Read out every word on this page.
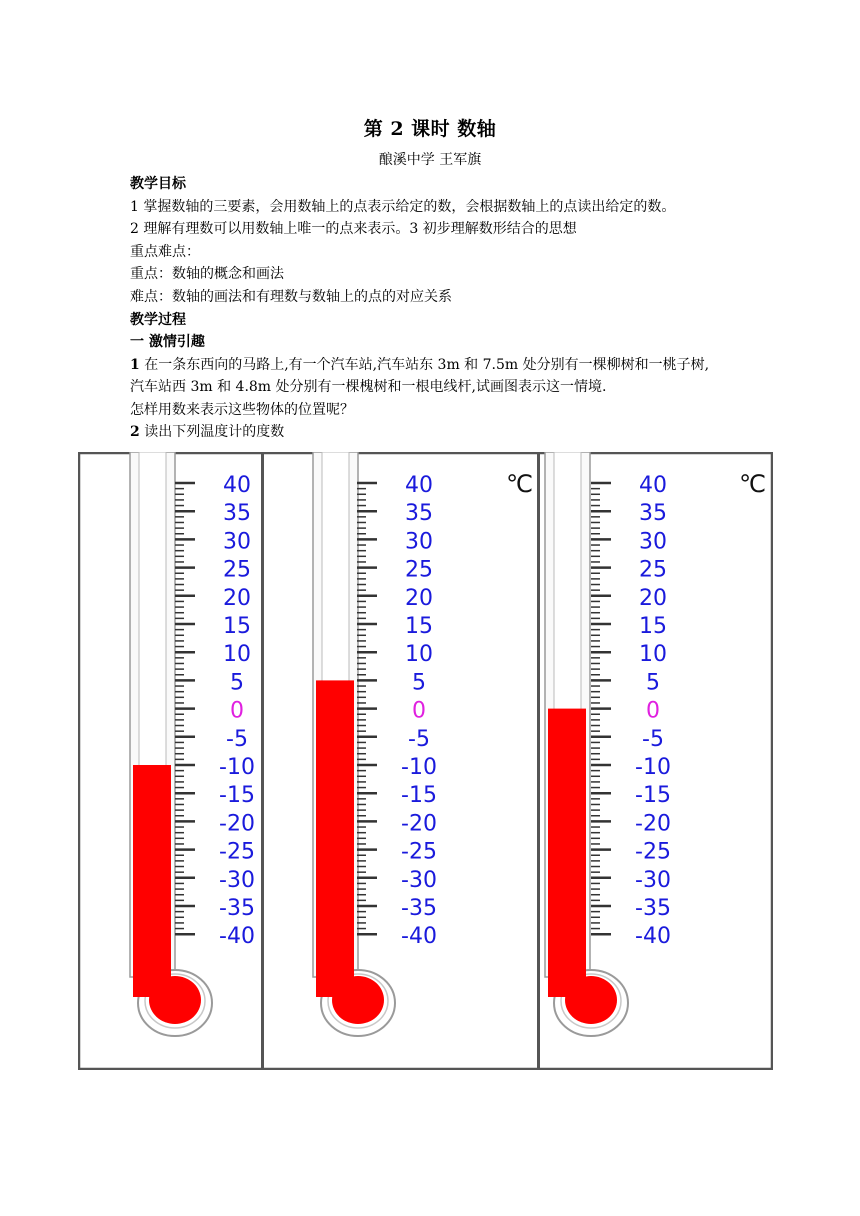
第 2 课时 数轴
酿溪中学 王军旗
教学目标
1 掌握数轴的三要素，会用数轴上的点表示给定的数，会根据数轴上的点读出给定的数。
2 理解有理数可以用数轴上唯一的点来表示。3 初步理解数形结合的思想
重点难点：
重点：数轴的概念和画法
难点：数轴的画法和有理数与数轴上的点的对应关系
教学过程
一 激情引趣
1 在一条东西向的马路上,有一个汽车站,汽车站东 3m 和 7.5m 处分别有一棵柳树和一桃子树,
汽车站西 3m 和 4.8m 处分别有一棵槐树和一根电线杆,试画图表示这一情境.
怎样用数来表示这些物体的位置呢？
2 读出下列温度计的度数
40
35
30
25
20
15
10
5
0
-5
-10
-15
-20
-25
-30
-35
-40
40
35
30
25
20
15
10
5
0
-5
-10
-15
-20
-25
-30
-35
-40
℃	40
35
30
25
20
15
10
5
0
-5
-10
-15
-20
-25
-30
-35
-40
℃
